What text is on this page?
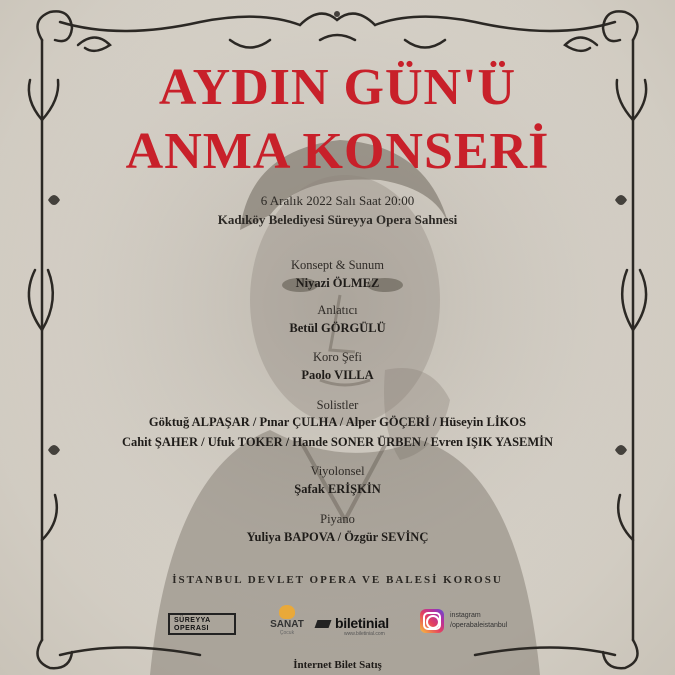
AYDIN GÜN'Ü
ANMA KONSERİ

6 Aralık 2022 Salı Saat 20:00

Kadıköy Belediyesi Süreyya Opera Sahnesi

Konsept & Sunum

Niyazi ÖLMEZ

Anlatıcı

Betül GÖRGÜLÜ

Koro Şefi

Paolo VILLA

Solistler

Göktuğ ALPAŞAR / Pınar ÇULHA / Alper GÖÇERİ / Hüseyin LİKOS

Cahit ŞAHER / Ufuk TOKER / Hande SONER ÜRBEN / Evren IŞIK YASEMİN

Viyolonsel

Şafak ERİŞKİN

Piyano

Yuliya BAPOVA / Özgür SEVİNÇ

İSTANBUL DEVLET OPERA VE BALESİ KOROSU
SÜREYYA OPERASI	SANAT
Çocuk
biletinial
www.biletinial.com
instagram
/operabaleistanbul
İnternet Bilet Satış
